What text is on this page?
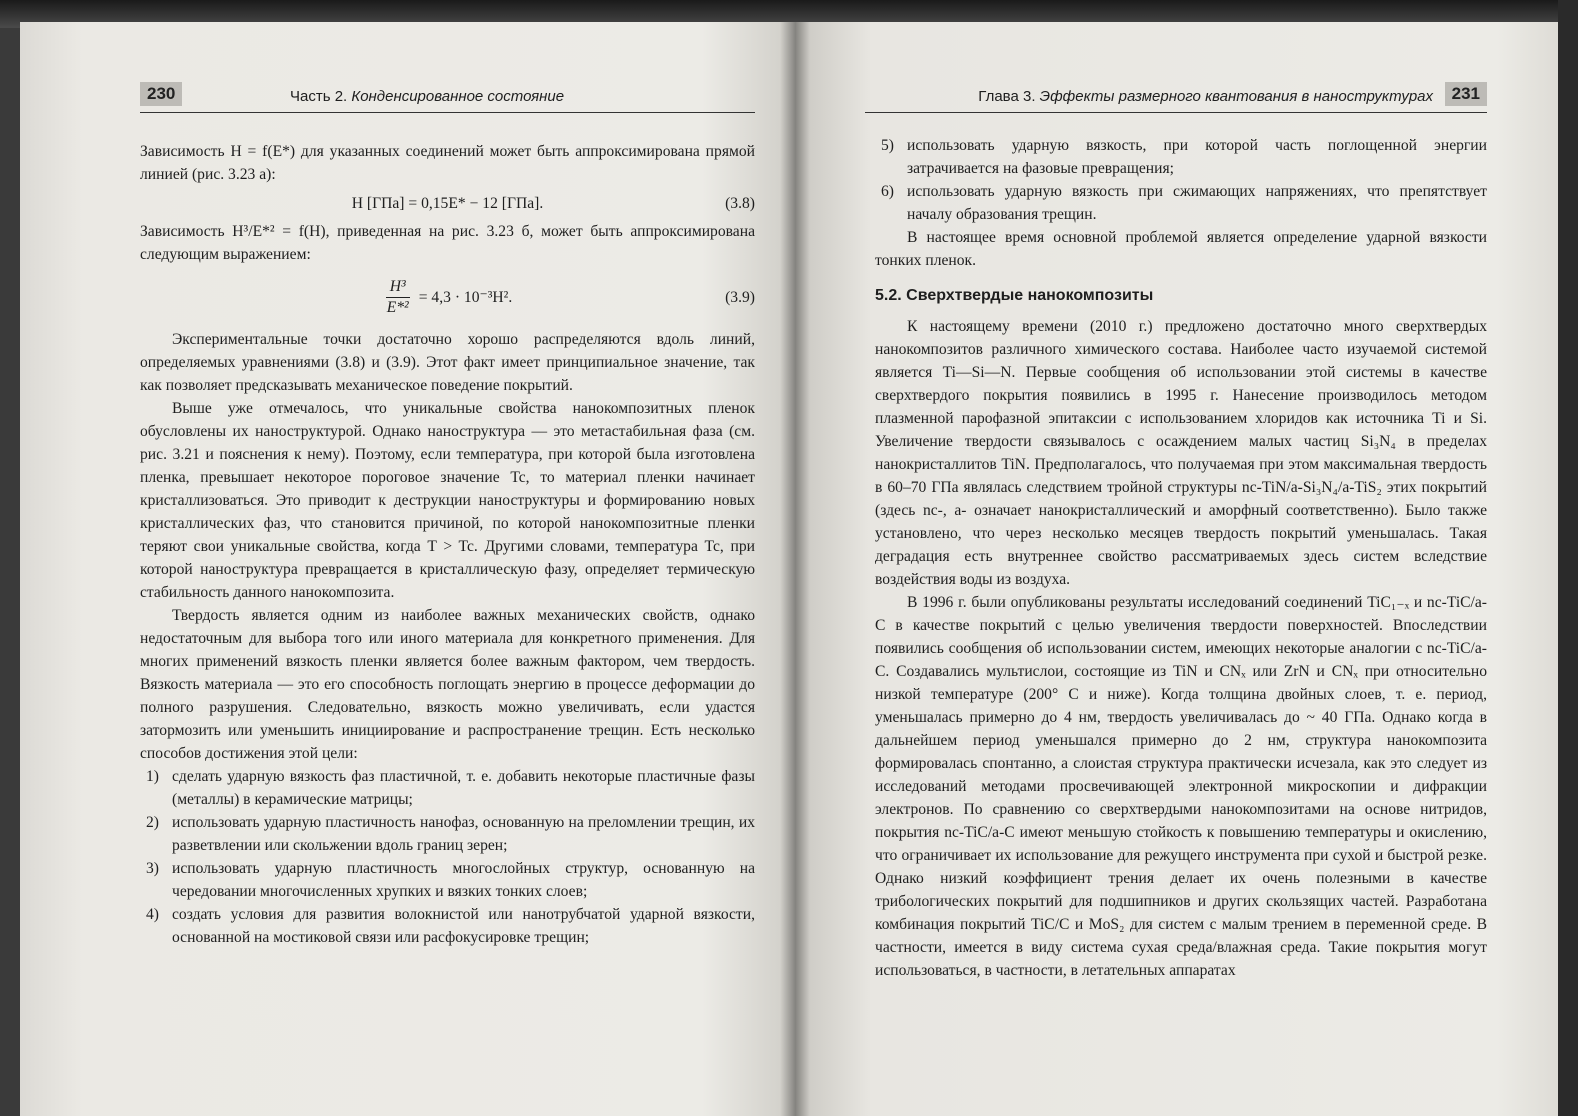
230	Часть 2. Конденсированное состояние

Зависимость H = f(E*) для указанных соединений может быть аппроксимирована прямой линией (рис. 3.23 а):

H [ГПа] = 0,15E* − 12 [ГПа].	(3.8)

Зависимость H³/E*² = f(H), приведенная на рис. 3.23 б, может быть аппроксимирована следующим выражением:

$\frac{\text{H³}}{\text{E*²}} = 4,3 \cdot 10^{-3}H^2$.	(3.9)

Экспериментальные точки достаточно хорошо распределяются вдоль линий, определяемых уравнениями (3.8) и (3.9). Этот факт имеет принципиальное значение, так как позволяет предсказывать механическое поведение покрытий.

Выше уже отмечалось, что уникальные свойства нанокомпозитных пленок обусловлены их наноструктурой. Однако наноструктура — это метастабильная фаза (см. рис. 3.21 и пояснения к нему). Поэтому, если температура, при которой была изготовлена пленка, превышает некоторое пороговое значение Tc, то материал пленки начинает кристаллизоваться. Это приводит к деструкции наноструктуры и формированию новых кристаллических фаз, что становится причиной, по которой нанокомпозитные пленки теряют свои уникальные свойства, когда T > Tc. Другими словами, температура Tc, при которой наноструктура превращается в кристаллическую фазу, определяет термическую стабильность данного нанокомпозита.

Твердость является одним из наиболее важных механических свойств, однако недостаточным для выбора того или иного материала для конкретного применения. Для многих применений вязкость пленки является более важным фактором, чем твердость. Вязкость материала — это его способность поглощать энергию в процессе деформации до полного разрушения. Следовательно, вязкость можно увеличивать, если удастся затормозить или уменьшить инициирование и распространение трещин. Есть несколько способов достижения этой цели:

1) сделать ударную вязкость фаз пластичной, т. е. добавить некоторые пластичные фазы (металлы) в керамические матрицы;
2) использовать ударную пластичность нанофаз, основанную на преломлении трещин, их разветвлении или скольжении вдоль границ зерен;
3) использовать ударную пластичность многослойных структур, основанную на чередовании многочисленных хрупких и вязких тонких слоев;
4) создать условия для развития волокнистой или нанотрубчатой ударной вязкости, основанной на мостиковой связи или расфокусировке трещин;
Глава 3. Эффекты размерного квантования в наноструктурах	231
5) использовать ударную вязкость, при которой часть поглощенной энергии затрачивается на фазовые превращения;
6) использовать ударную вязкость при сжимающих напряжениях, что препятствует началу образования трещин.

В настоящее время основной проблемой является определение ударной вязкости тонких пленок.

5.2. Сверхтвердые нанокомпозиты

К настоящему времени (2010 г.) предложено достаточно много сверхтвердых нанокомпозитов различного химического состава. Наиболее часто изучаемой системой является Ti—Si—N. Первые сообщения об использовании этой системы в качестве сверхтвердого покрытия появились в 1995 г. Нанесение производилось методом плазменной парофазной эпитаксии с использованием хлоридов как источника Ti и Si. Увеличение твердости связывалось с осаждением малых частиц Si₃N₄ в пределах нанокристаллитов TiN. Предполагалось, что получаемая при этом максимальная твердость в 60–70 ГПа являлась следствием тройной структуры nc-TiN/a-Si₃N₄/a-TiS₂ этих покрытий (здесь nc-, a- означает нанокристаллический и аморфный соответственно). Было также установлено, что через несколько месяцев твердость покрытий уменьшалась. Такая деградация есть внутреннее свойство рассматриваемых здесь систем вследствие воздействия воды из воздуха.

В 1996 г. были опубликованы результаты исследований соединений TiC₁₋ₓ и nc-TiC/a-C в качестве покрытий с целью увеличения твердости поверхностей. Впоследствии появились сообщения об использовании систем, имеющих некоторые аналогии с nc-TiC/a-C. Создавались мультислои, состоящие из TiN и CNₓ или ZrN и CNₓ при относительно низкой температуре (200° C и ниже). Когда толщина двойных слоев, т. е. период, уменьшалась примерно до 4 нм, твердость увеличивалась до ~ 40 ГПа. Однако когда в дальнейшем период уменьшался примерно до 2 нм, структура нанокомпозита формировалась спонтанно, а слоистая структура практически исчезала, как это следует из исследований методами просвечивающей электронной микроскопии и дифракции электронов. По сравнению со сверхтвердыми нанокомпозитами на основе нитридов, покрытия nc-TiC/a-C имеют меньшую стойкость к повышению температуры и окислению, что ограничивает их использование для режущего инструмента при сухой и быстрой резке. Однако низкий коэффициент трения делает их очень полезными в качестве трибологических покрытий для подшипников и других скользящих частей. Разработана комбинация покрытий TiC/C и MoS₂ для систем с малым трением в переменной среде. В частности, имеется в виду система сухая среда/влажная среда. Такие покрытия могут использоваться, в частности, в летательных аппаратах
